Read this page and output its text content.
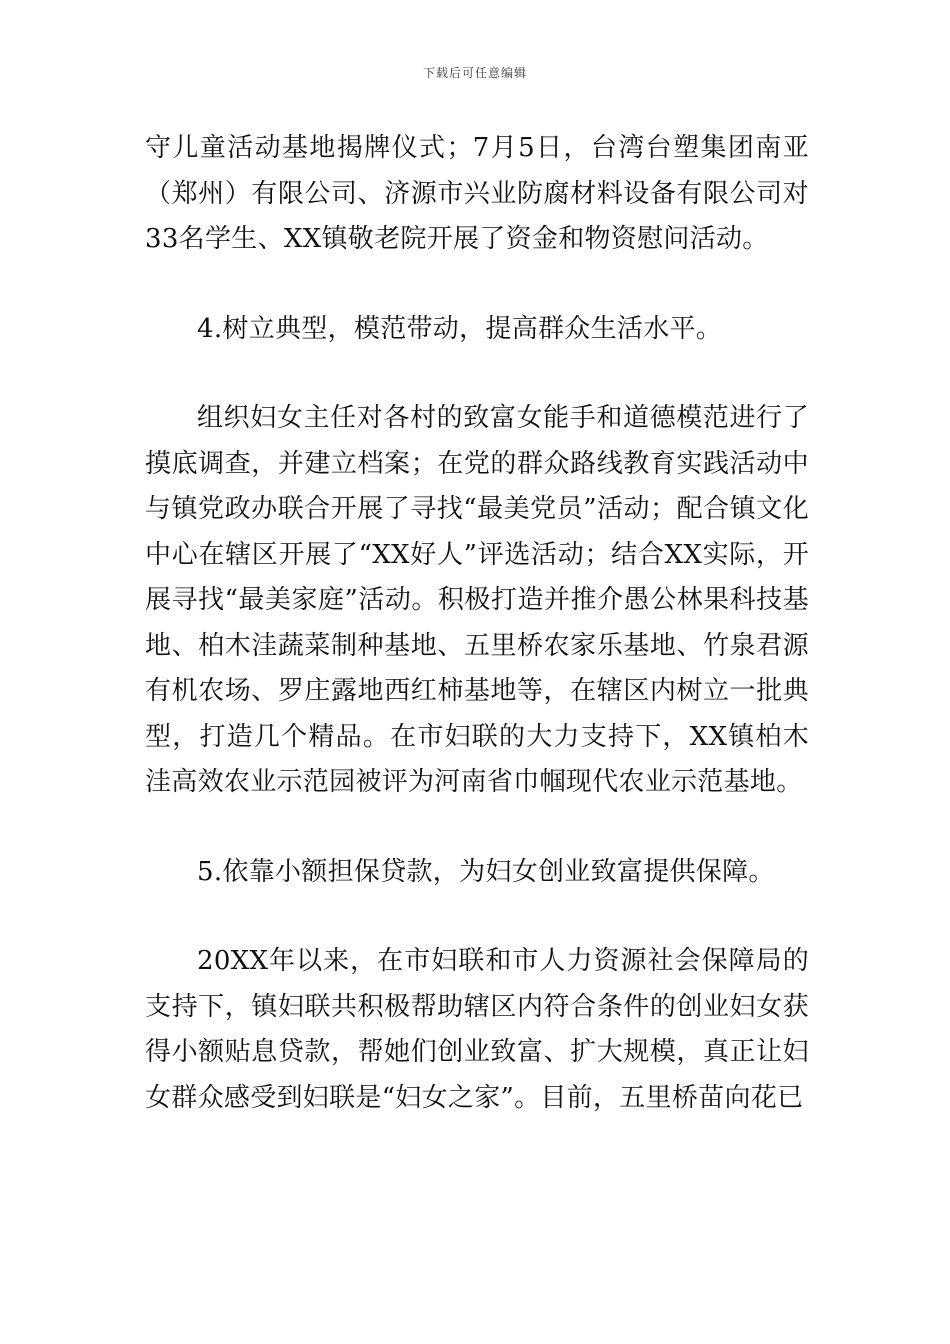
下载后可任意编辑

守儿童活动基地揭牌仪式；7月5日，台湾台塑集团南亚（郑州）有限公司、济源市兴业防腐材料设备有限公司对33名学生、XX镇敬老院开展了资金和物资慰问活动。

4.树立典型，模范带动，提高群众生活水平。

组织妇女主任对各村的致富女能手和道德模范进行了摸底调查，并建立档案；在党的群众路线教育实践活动中与镇党政办联合开展了寻找“最美党员”活动；配合镇文化中心在辖区开展了“XX好人”评选活动；结合XX实际，开展寻找“最美家庭”活动。积极打造并推介愚公林果科技基地、柏木洼蔬菜制种基地、五里桥农家乐基地、竹泉君源有机农场、罗庄露地西红柿基地等，在辖区内树立一批典型，打造几个精品。在市妇联的大力支持下，XX镇柏木洼高效农业示范园被评为河南省巾帼现代农业示范基地。

5.依靠小额担保贷款，为妇女创业致富提供保障。

20XX年以来，在市妇联和市人力资源社会保障局的支持下，镇妇联共积极帮助辖区内符合条件的创业妇女获得小额贴息贷款，帮她们创业致富、扩大规模，真正让妇女群众感受到妇联是“妇女之家”。目前，五里桥苗向花已
